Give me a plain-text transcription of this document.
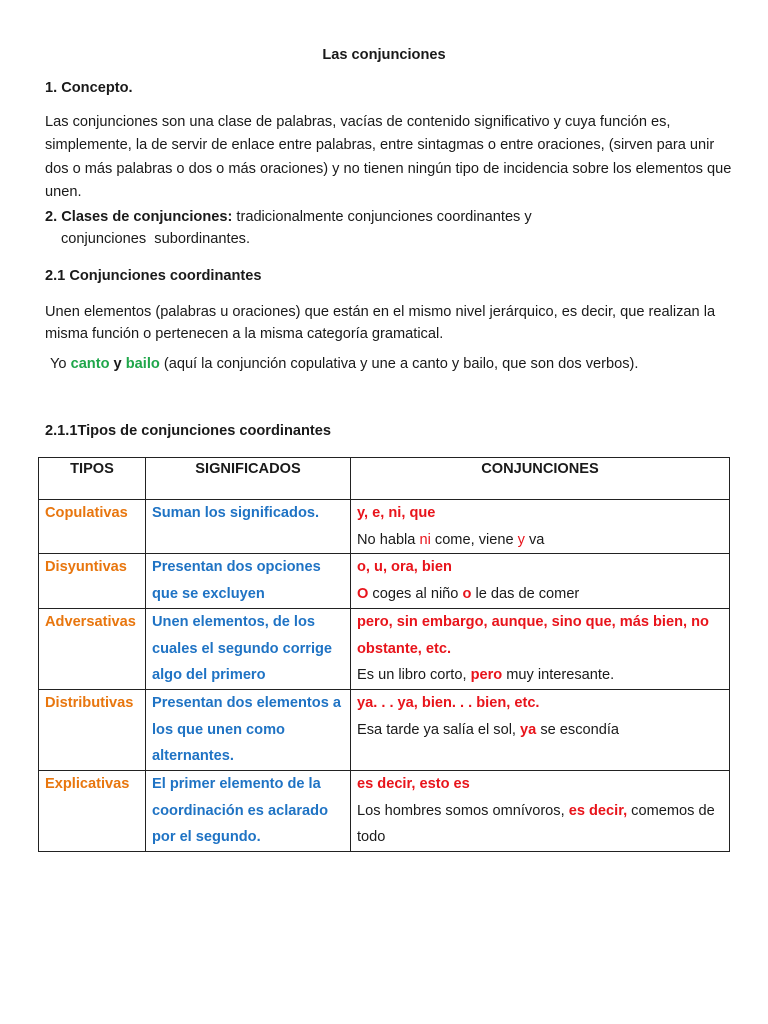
Las conjunciones
1. Concepto.
Las conjunciones son una clase de palabras, vacías de contenido significativo y cuya función es, simplemente, la de servir de enlace entre palabras, entre sintagmas o entre oraciones, (sirven para unir dos o más palabras o dos o más oraciones) y no tienen ningún tipo de incidencia sobre los elementos que unen.
2. Clases de conjunciones: tradicionalmente conjunciones coordinantes y
conjunciones  subordinantes.
2.1 Conjunciones coordinantes
Unen elementos (palabras u oraciones) que están en el mismo nivel jerárquico, es decir, que realizan la misma función o pertenecen a la misma categoría gramatical.
Yo canto y bailo (aquí la conjunción copulativa y une a canto y bailo, que son dos verbos).
2.1.1Tipos de conjunciones coordinantes
TIPOS	SIGNIFICADOS	CONJUNCIONES
Copulativas	Suman los significados.	y, e, ni, que
No habla ni come, viene y va

Disyuntivas	Presentan dos opciones que se excluyen	o, u, ora, bien
O coges al niño o le das de comer

Adversativas	Unen elementos, de los cuales el segundo corrige algo del primero	pero, sin embargo, aunque, sino que, más bien, no obstante, etc.
Es un libro corto, pero muy interesante.

Distributivas	Presentan dos elementos a los que unen como alternantes.	ya. . . ya, bien. . . bien, etc.
Esa tarde ya salía el sol, ya se escondía

Explicativas	El primer elemento de la coordinación es aclarado por el segundo.	es decir, esto es
Los hombres somos omnívoros, es decir, comemos de todo
